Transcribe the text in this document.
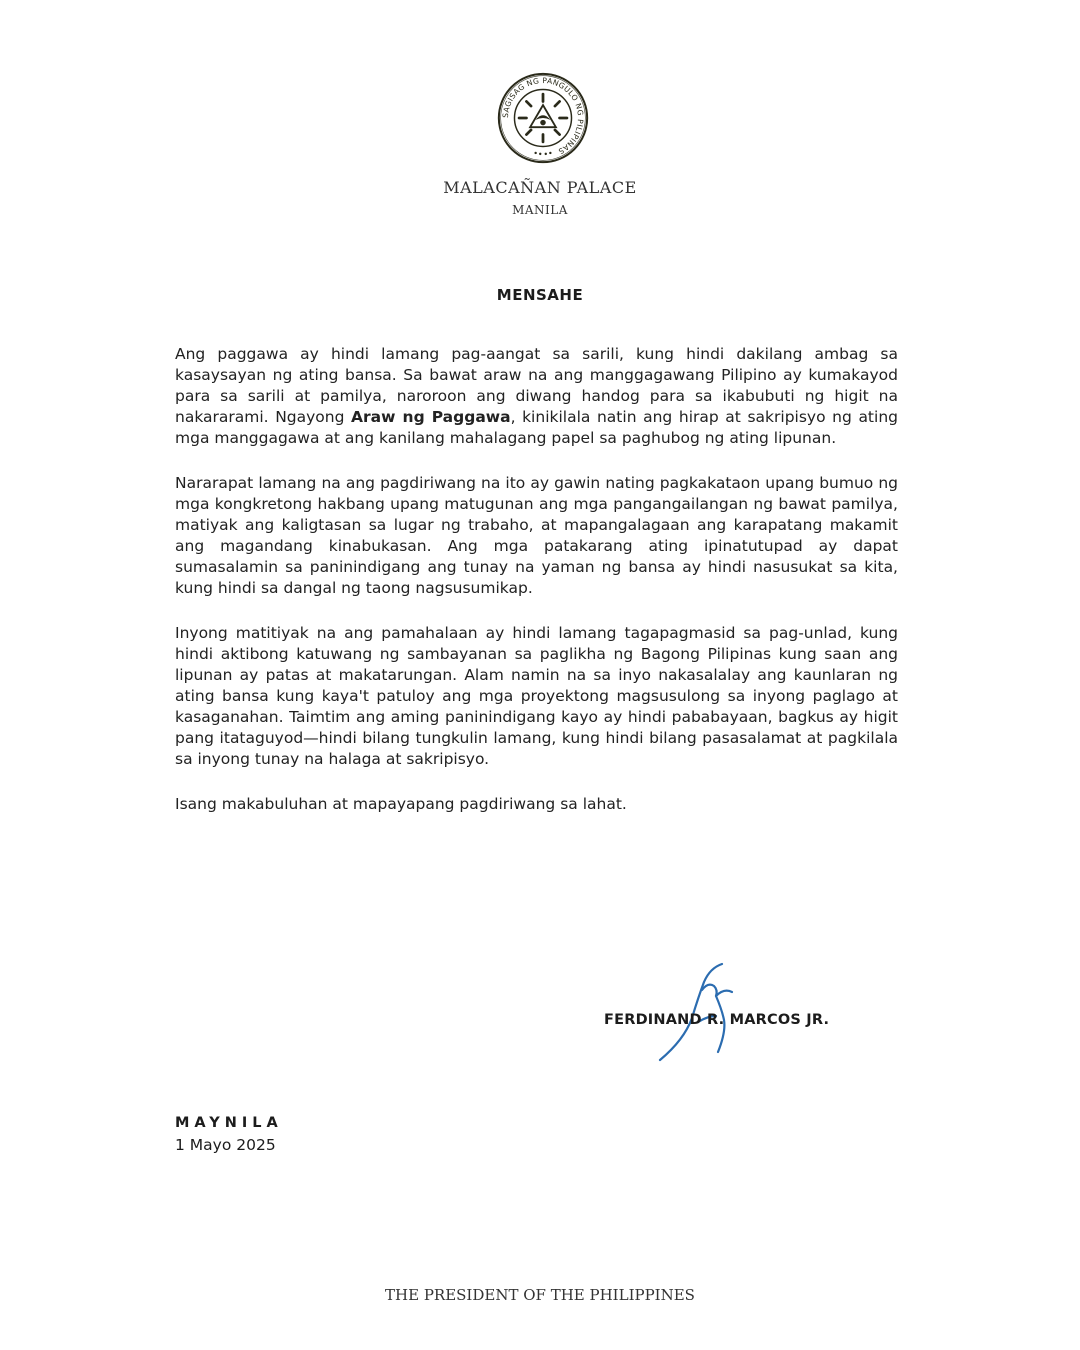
SAGISAG NG PANGULO NG PILIPINAS
MALACAÑAN PALACE
MANILA
MENSAHE

Ang paggawa ay hindi lamang pag-aangat sa sarili, kung hindi dakilang ambag sa kasaysayan ng ating bansa. Sa bawat araw na ang manggagawang Pilipino ay kumakayod para sa sarili at pamilya, naroroon ang diwang handog para sa ikabubuti ng higit na nakararami. Ngayong Araw ng Paggawa, kinikilala natin ang hirap at sakripisyo ng ating mga manggagawa at ang kanilang mahalagang papel sa paghubog ng ating lipunan.

Nararapat lamang na ang pagdiriwang na ito ay gawin nating pagkakataon upang bumuo ng mga kongkretong hakbang upang matugunan ang mga pangangailangan ng bawat pamilya, matiyak ang kaligtasan sa lugar ng trabaho, at mapangalagaan ang karapatang makamit ang magandang kinabukasan. Ang mga patakarang ating ipinatutupad ay dapat sumasalamin sa paninindigang ang tunay na yaman ng bansa ay hindi nasusukat sa kita, kung hindi sa dangal ng taong nagsusumikap.

Inyong matitiyak na ang pamahalaan ay hindi lamang tagapagmasid sa pag-unlad, kung hindi aktibong katuwang ng sambayanan sa paglikha ng Bagong Pilipinas kung saan ang lipunan ay patas at makatarungan. Alam namin na sa inyo nakasalalay ang kaunlaran ng ating bansa kung kaya't patuloy ang mga proyektong magsusulong sa inyong paglago at kasaganahan. Taimtim ang aming paninindigang kayo ay hindi pababayaan, bagkus ay higit pang itataguyod—hindi bilang tungkulin lamang, kung hindi bilang pasasalamat at pagkilala sa inyong tunay na halaga at sakripisyo.

Isang makabuluhan at mapayapang pagdiriwang sa lahat.

FERDINAND R. MARCOS JR.
MAYNILA
1 Mayo 2025
THE PRESIDENT OF THE PHILIPPINES
